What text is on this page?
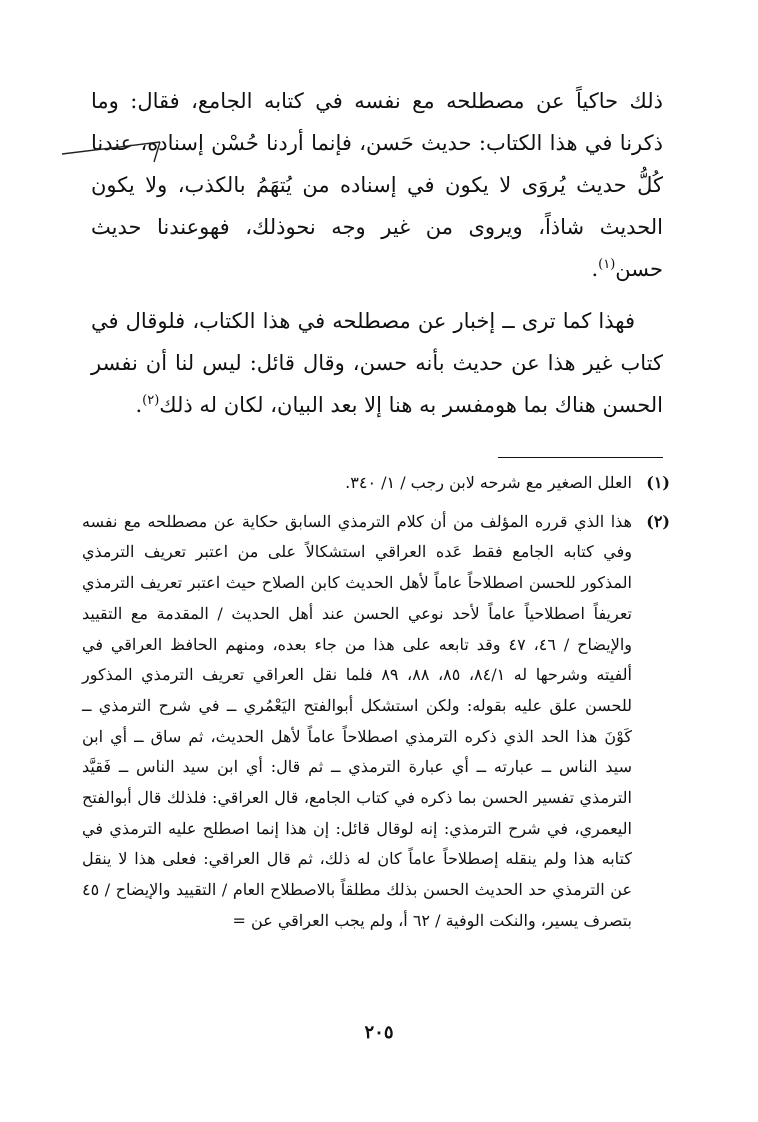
ذلك حاكياً عن مصطلحه مع نفسه في كتابه الجامع، فقال: وما ذكرنا في هذا الكتاب: حديث حَسن، فإنما أردنا حُسْن إسناده، عندنا كُلُّ حديث يُروَى لا يكون في إسناده من يُتهَمُ بالكذب، ولا يكون الحديث شاذاً، ويروى من غير وجه نحوذلك، فهوعندنا حديث حسن$^{(١)}$.

فهذا كما ترى ــ إخبار عن مصطلحه في هذا الكتاب، فلوقال في كتاب غير هذا عن حديث بأنه حسن، وقال قائل: ليس لنا أن نفسر الحسن هناك بما هومفسر به هنا إلا بعد البيان، لكان له ذلك$^{(٢)}$.

(١)
العلل الصغير مع شرحه لابن رجب / ١/ ٣٤٠.
(٢)
هذا الذي قرره المؤلف من أن كلام الترمذي السابق حكاية عن مصطلحه مع نفسه وفي كتابه الجامع فقط عَده العراقي استشكالاً على من اعتبر تعريف الترمذي المذكور للحسن اصطلاحاً عاماً لأهل الحديث كابن الصلاح حيث اعتبر تعريف الترمذي تعريفاً اصطلاحياً عاماً لأحد نوعي الحسن عند أهل الحديث / المقدمة مع التقييد والإيضاح / ٤٦، ٤٧ وقد تابعه على هذا من جاء بعده، ومنهم الحافظ العراقي في ألفيته وشرحها له ٨٤/١، ٨٥، ٨٨، ٨٩ فلما نقل العراقي تعريف الترمذي المذكور للحسن علق عليه بقوله: ولكن استشكل أبوالفتح اليَعْمُري ــ في شرح الترمذي ــ كَوْنَ هذا الحد الذي ذكره الترمذي اصطلاحاً عاماً لأهل الحديث، ثم ساق ــ أي ابن سيد الناس ــ عبارته ــ أي عبارة الترمذي ــ ثم قال: أي ابن سيد الناس ــ فَقيَّد الترمذي تفسير الحسن بما ذكره في كتاب الجامع، قال العراقي: فلذلك قال أبوالفتح اليعمري، في شرح الترمذي: إنه لوقال قائل: إن هذا إنما اصطلح عليه الترمذي في كتابه هذا ولم ينقله إصطلاحاً عاماً كان له ذلك، ثم قال العراقي: فعلى هذا لا ينقل عن الترمذي حد الحديث الحسن بذلك مطلقاً بالاصطلاح العام / التقييد والإيضاح / ٤٥ بتصرف يسير، والنكت الوفية / ٦٢ أ، ولم يجب العراقي عن =
٢٠٥
